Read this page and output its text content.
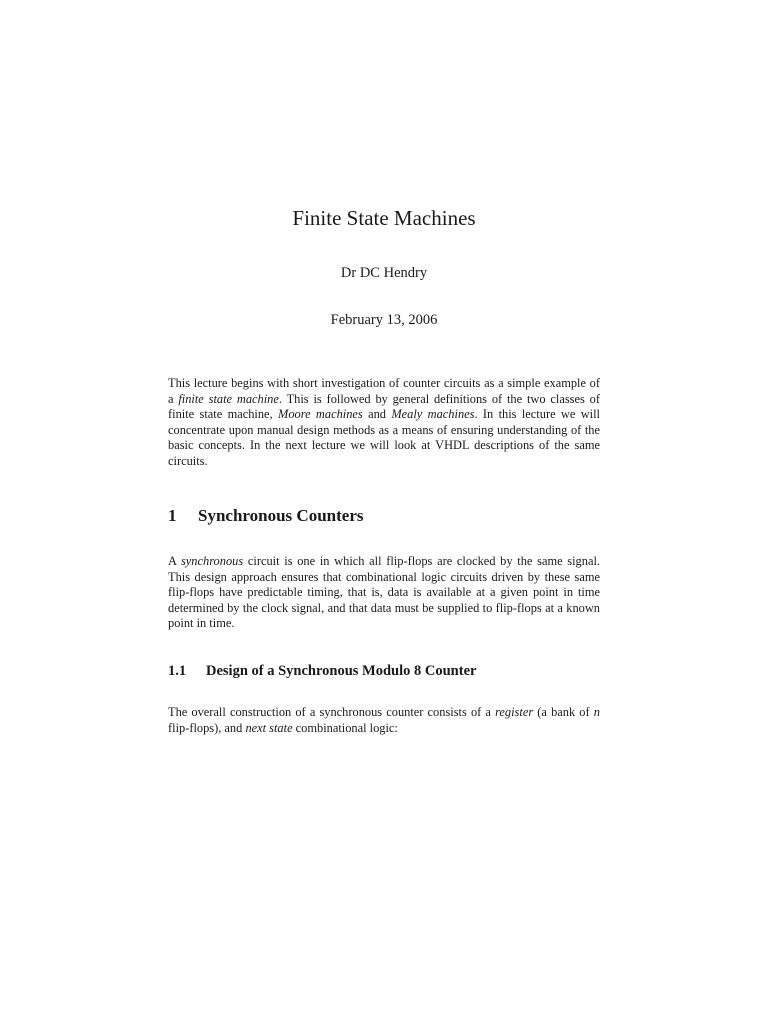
Finite State Machines
Dr DC Hendry
February 13, 2006
This lecture begins with short investigation of counter circuits as a simple example of a finite state machine. This is followed by general definitions of the two classes of finite state machine, Moore machines and Mealy machines. In this lecture we will concentrate upon manual design methods as a means of ensuring understanding of the basic concepts. In the next lecture we will look at VHDL descriptions of the same circuits.
1 Synchronous Counters
A synchronous circuit is one in which all flip-flops are clocked by the same signal. This design approach ensures that combinational logic circuits driven by these same flip-flops have predictable timing, that is, data is available at a given point in time determined by the clock signal, and that data must be supplied to flip-flops at a known point in time.
1.1 Design of a Synchronous Modulo 8 Counter
The overall construction of a synchronous counter consists of a register (a bank of n flip-flops), and next state combinational logic:
